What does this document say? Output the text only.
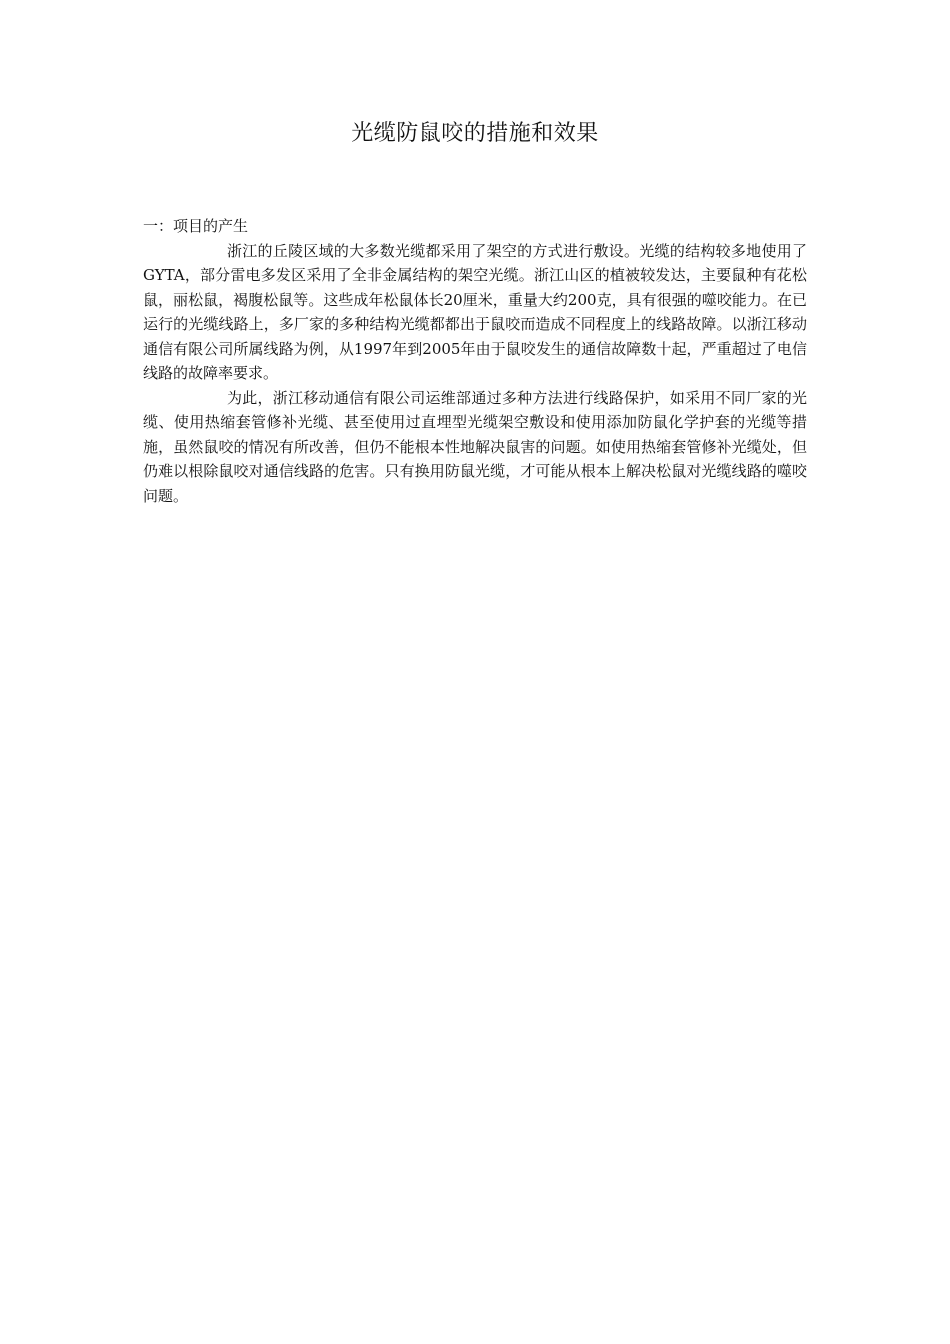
光缆防鼠咬的措施和效果

一：项目的产生

浙江的丘陵区域的大多数光缆都采用了架空的方式进行敷设。光缆的结构较多地使用了GYTA，部分雷电多发区采用了全非金属结构的架空光缆。浙江山区的植被较发达，主要鼠种有花松鼠，丽松鼠，褐腹松鼠等。这些成年松鼠体长20厘米，重量大约200克，具有很强的噬咬能力。在已运行的光缆线路上，多厂家的多种结构光缆都都出于鼠咬而造成不同程度上的线路故障。以浙江移动通信有限公司所属线路为例，从1997年到2005年由于鼠咬发生的通信故障数十起，严重超过了电信线路的故障率要求。

为此，浙江移动通信有限公司运维部通过多种方法进行线路保护，如采用不同厂家的光缆、使用热缩套管修补光缆、甚至使用过直埋型光缆架空敷设和使用添加防鼠化学护套的光缆等措施，虽然鼠咬的情况有所改善，但仍不能根本性地解决鼠害的问题。如使用热缩套管修补光缆处，但仍难以根除鼠咬对通信线路的危害。只有换用防鼠光缆，才可能从根本上解决松鼠对光缆线路的噬咬问题。
